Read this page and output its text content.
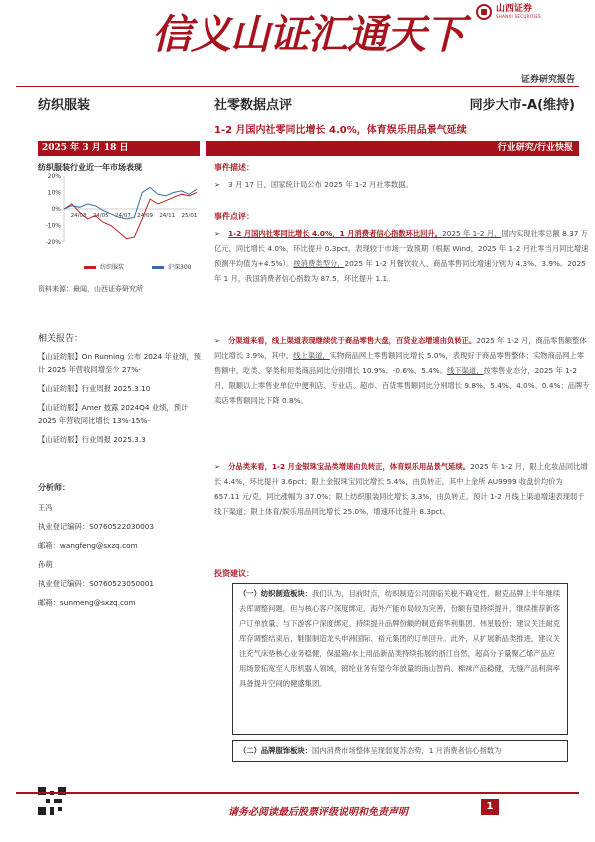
信义山证汇通天下
山西证券
SHANXI SECURITIES
证券研究报告
纺织服装	社零数据点评	同步大市-A(维持)
1-2 月国内社零同比增长 4.0%，体育娱乐用品景气延续
2025 年 3 月 18 日	行业研究/行业快报
纺织服装行业近一年市场表现
20%
10%
0%
-10%
-20%
24/03 24/05 24/07 24/09 24/11 25/01
纺织服装	沪深300
资料来源：最闻，山西证券研究所
相关报告：
【山证纺服】On Running 公布 2024 年业绩，预计 2025 年营收同增至少 27%-
【山证纺服】行业周报 2025.3.10
【山证纺服】Amer 披露 2024Q4 业绩，预计 2025 年营收同比增长 13%-15%-
【山证纺服】行业周报 2025.3.3
分析师：
王冯
执业登记编码：S0760522030003
邮箱：wangfeng@sxzq.com
孙萌
执业登记编码：S0760523050001
邮箱：sunmeng@sxzq.com
事件描述：
➢ 3 月 17 日，国家统计局公布 2025 年 1-2 月社零数据。
事件点评：
➢ 1-2 月国内社零同比增长 4.0%，1 月消费者信心指数环比回升。2025 年 1-2 月，国内实现社零总额 8.37 万亿元，同比增长 4.0%，环比提升 0.3pct，表现较于市场一致预期（根据 Wind，2025 年 1-2 月社零当月同比增速预测平均值为+4.5%）。按消费类型分，2025 年 1-2 月餐饮收入、商品零售同比增速分别为 4.3%、3.9%。2025 年 1 月，我国消费者信心指数为 87.5，环比提升 1.1。
➢ 分渠道来看，线上渠道表现继续优于商品零售大盘，百货业态增速由负转正。2025 年 1-2 月，商品零售额整体同比增长 3.9%，其中，线上渠道，实物商品网上零售额同比增长 5.0%，表现好于商品零售整体；实物商品网上零售额中，吃类、穿类和用类商品同比分别增长 10.9%、-0.6%、5.4%。线下渠道，按零售业态分，2025 年 1-2 月，限额以上零售业单位中便利店、专业店、超市、百货零售额同比分别增长 9.8%、5.4%、4.0%、0.4%；品牌专卖店零售额同比下降 0.8%。
➢ 分品类来看，1-2 月金银珠宝品类增速由负转正，体育娱乐用品景气延续。2025 年 1-2 月，限上化妆品同比增长 4.4%，环比提升 3.6pct；限上金银珠宝同比增长 5.4%，由负转正，其中上金所 AU9999 收盘价均价为 657.11 元/克，同比涨幅为 37.0%；限上纺织服装同比增长 3.3%，由负转正，预计 1-2 月线上渠道增速表现弱于线下渠道；限上体育/娱乐用品同比增长 25.0%，增速环比提升 8.3pct。
投资建议：
（一）纺织制造板块：我们认为，目前时点，纺织制造公司面临关税不确定性、耐克品牌上半年继续去库调整问题，但与核心客户深度绑定、海外产能布局较为完善，份额有望持续提升，继续推荐新客户订单放量、与下游客户深度绑定、持续提升品牌份额的制造商华利集团、伟星股份；建议关注耐克库存调整结束后，鞋服制造龙头申洲国际、裕元集团的订单回升。此外，从扩展新品类推进，建议关注充气床垫核心业务稳健，保温箱/水上用品新品类持续拓展的浙江自然，超高分子量聚乙烯产品应用场景拓宽至人形机器人领域，锦纶业务有望今年放量的南山智尚、棉袜产品稳健，无缝产品利润率具备提升空间的健盛集团。
（二）品牌服饰板块：国内消费市场整体呈现弱复苏态势，1 月消费者信心指数为
请务必阅读最后股票评级说明和免责声明
1
